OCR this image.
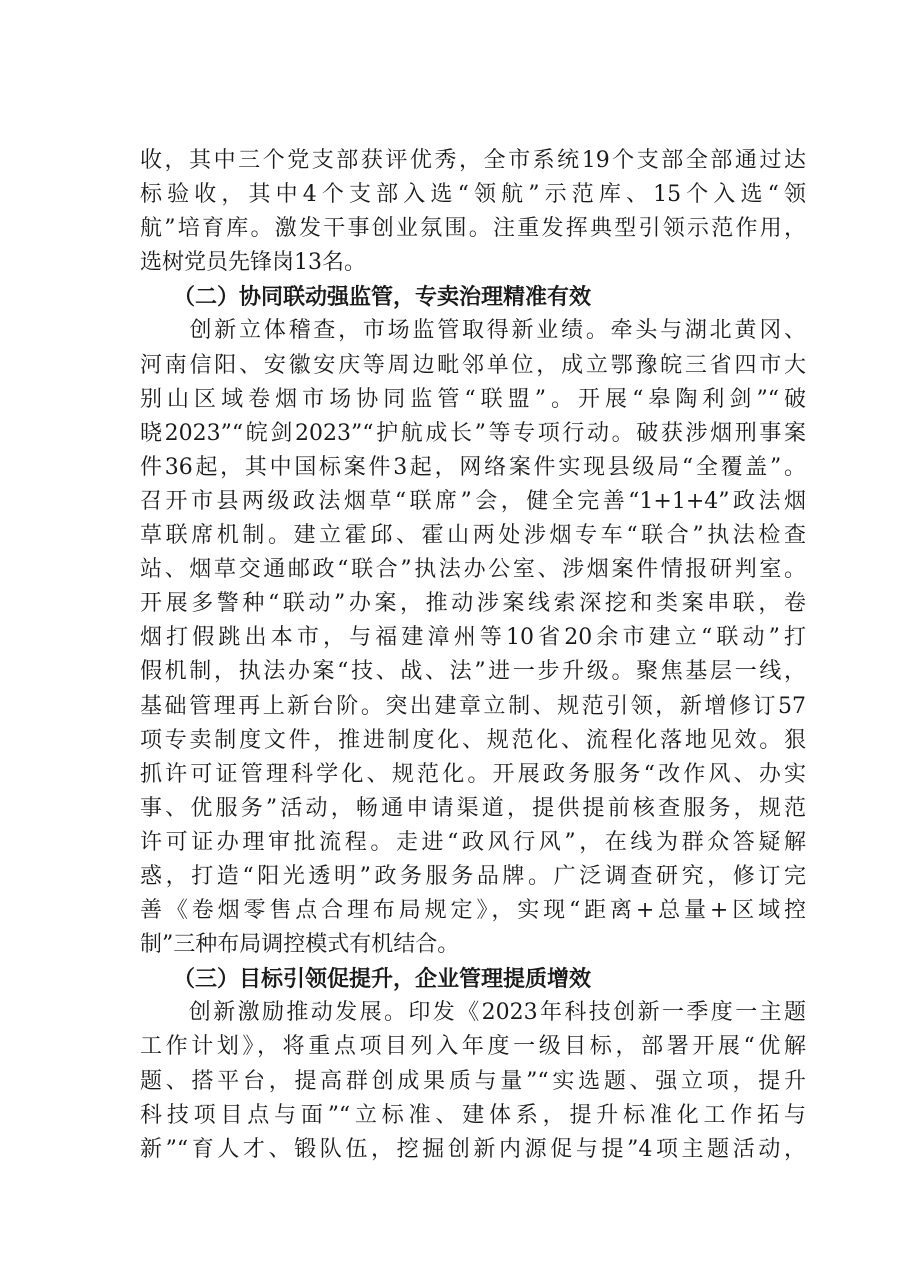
收，其中三个党支部获评优秀，全市系统19个支部全部通过达
标验收，其中4个支部入选“领航”示范库、15个入选“领
航”培育库。激发干事创业氛围。注重发挥典型引领示范作用，
选树党员先锋岗13名。
　　（二）协同联动强监管，专卖治理精准有效
　　创新立体稽查，市场监管取得新业绩。牵头与湖北黄冈、
河南信阳、安徽安庆等周边毗邻单位，成立鄂豫皖三省四市大
别山区域卷烟市场协同监管“联盟”。开展“皋陶利剑”“破
晓2023”“皖剑2023”“护航成长”等专项行动。破获涉烟刑事案
件36起，其中国标案件3起，网络案件实现县级局“全覆盖”。
召开市县两级政法烟草“联席”会，健全完善“1+1+4”政法烟
草联席机制。建立霍邱、霍山两处涉烟专车“联合”执法检查
站、烟草交通邮政“联合”执法办公室、涉烟案件情报研判室。
开展多警种“联动”办案，推动涉案线索深挖和类案串联，卷
烟打假跳出本市，与福建漳州等10省20余市建立“联动”打
假机制，执法办案“技、战、法”进一步升级。聚焦基层一线，
基础管理再上新台阶。突出建章立制、规范引领，新增修订57
项专卖制度文件，推进制度化、规范化、流程化落地见效。狠
抓许可证管理科学化、规范化。开展政务服务“改作风、办实
事、优服务”活动，畅通申请渠道，提供提前核查服务，规范
许可证办理审批流程。走进“政风行风”，在线为群众答疑解
惑，打造“阳光透明”政务服务品牌。广泛调查研究，修订完
善《卷烟零售点合理布局规定》，实现“距离+总量+区域控
制”三种布局调控模式有机结合。
　　（三）目标引领促提升，企业管理提质增效
　　创新激励推动发展。印发《2023年科技创新一季度一主题
工作计划》，将重点项目列入年度一级目标，部署开展“优解
题、搭平台，提高群创成果质与量”“实选题、强立项，提升
科技项目点与面”“立标准、建体系，提升标准化工作拓与
新”“育人才、锻队伍，挖掘创新内源促与提”4项主题活动，
